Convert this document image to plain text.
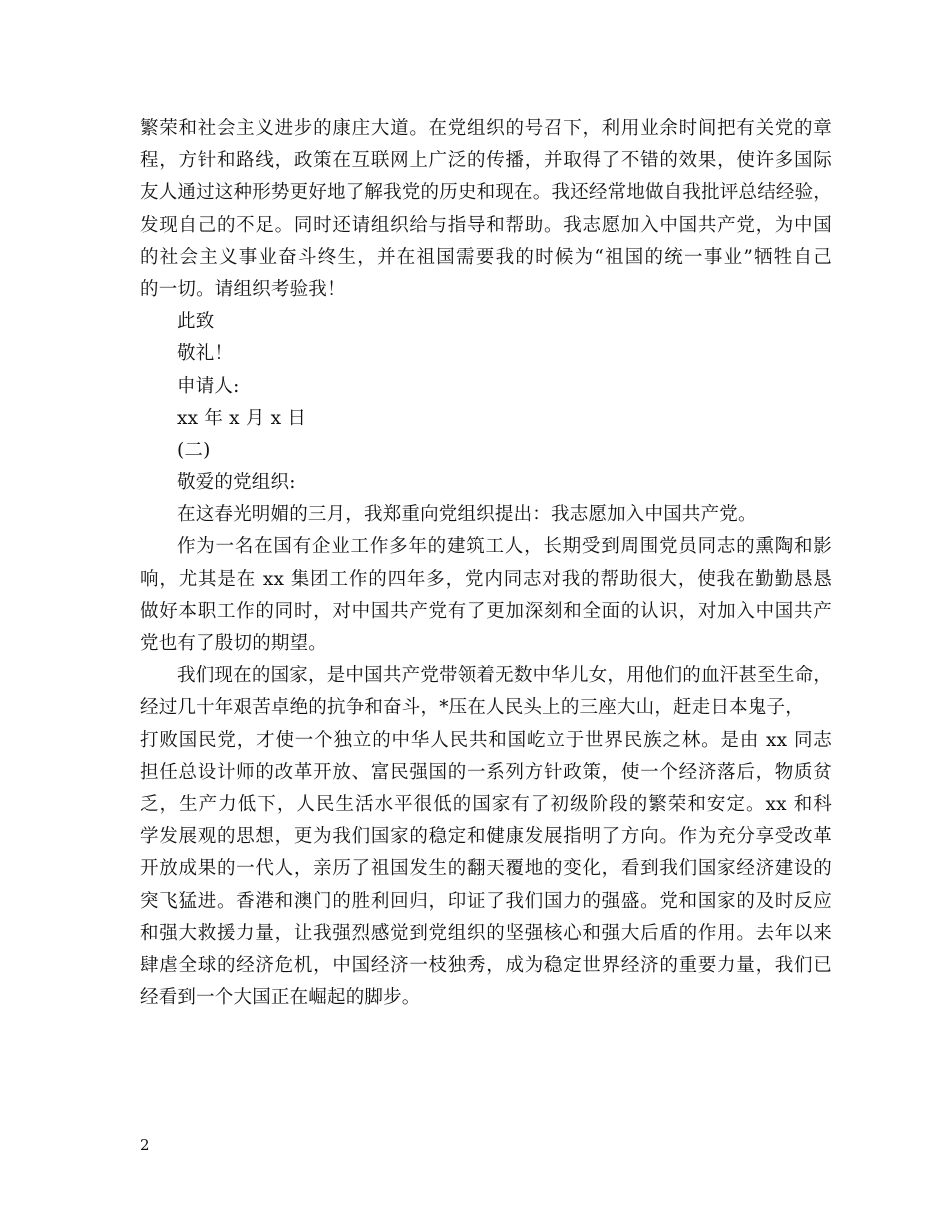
繁荣和社会主义进步的康庄大道。在党组织的号召下，利用业余时间把有关党的章
程，方针和路线，政策在互联网上广泛的传播，并取得了不错的效果，使许多国际
友人通过这种形势更好地了解我党的历史和现在。我还经常地做自我批评总结经验，
发现自己的不足。同时还请组织给与指导和帮助。我志愿加入中国共产党，为中国
的社会主义事业奋斗终生，并在祖国需要我的时候为“祖国的统一事业”牺牲自己
的一切。请组织考验我！
此致
敬礼！
申请人:
xx 年 x 月 x 日
(二)
敬爱的党组织:
在这春光明媚的三月，我郑重向党组织提出：我志愿加入中国共产党。
作为一名在国有企业工作多年的建筑工人，长期受到周围党员同志的熏陶和影
响，尤其是在 xx 集团工作的四年多，党内同志对我的帮助很大，使我在勤勤恳恳
做好本职工作的同时，对中国共产党有了更加深刻和全面的认识，对加入中国共产
党也有了殷切的期望。
我们现在的国家，是中国共产党带领着无数中华儿女，用他们的血汗甚至生命，
经过几十年艰苦卓绝的抗争和奋斗，*压在人民头上的三座大山，赶走日本鬼子，
打败国民党，才使一个独立的中华人民共和国屹立于世界民族之林。是由 xx 同志
担任总设计师的改革开放、富民强国的一系列方针政策，使一个经济落后，物质贫
乏，生产力低下，人民生活水平很低的国家有了初级阶段的繁荣和安定。xx 和科
学发展观的思想，更为我们国家的稳定和健康发展指明了方向。作为充分享受改革
开放成果的一代人，亲历了祖国发生的翻天覆地的变化，看到我们国家经济建设的
突飞猛进。香港和澳门的胜利回归，印证了我们国力的强盛。党和国家的及时反应
和强大救援力量，让我强烈感觉到党组织的坚强核心和强大后盾的作用。去年以来
肆虐全球的经济危机，中国经济一枝独秀，成为稳定世界经济的重要力量，我们已
经看到一个大国正在崛起的脚步。
2
